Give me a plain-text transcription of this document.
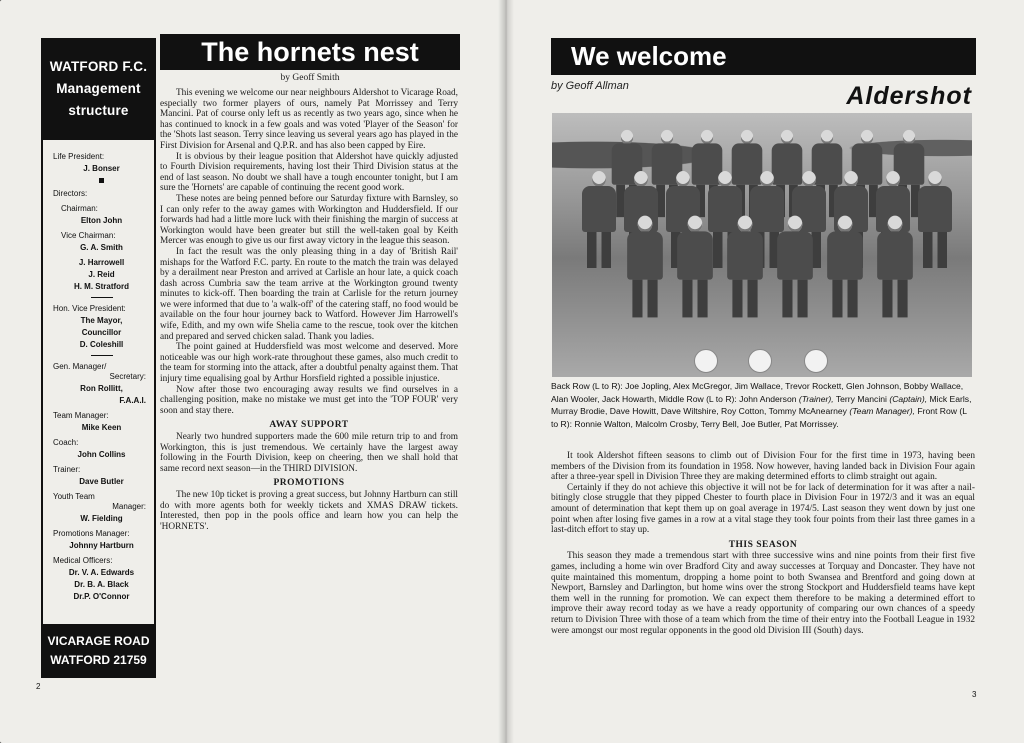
WATFORD F.C.
Management
structure
Life President:
J. Bonser
Directors:
Chairman:
Elton John
Vice Chairman:
G. A. Smith
J. Harrowell
J. Reid
H. M. Stratford
Hon. Vice President:
The Mayor,
Councillor
D. Coleshill
Gen. Manager/
Secretary:
Ron Rollitt,
F.A.A.I.
Team Manager:
Mike Keen
Coach:
John Collins
Trainer:
Dave Butler
Youth Team
Manager:
W. Fielding
Promotions Manager:
Johnny Hartburn
Medical Officers:
Dr. V. A. Edwards
Dr. B. A. Black
Dr.P. O'Connor
VICARAGE ROAD
WATFORD 21759
The hornets nest
by Geoff Smith

This evening we welcome our near neighbours Aldershot to Vicarage Road, especially two former players of ours, namely Pat Morrissey and Terry Mancini. Pat of course only left us as recently as two years ago, since when he has continued to knock in a few goals and was voted 'Player of the Season' for the 'Shots last season. Terry since leaving us several years ago has played in the First Division for Arsenal and Q.P.R. and has also been capped by Eire.

It is obvious by their league position that Aldershot have quickly adjusted to Fourth Division requirements, having lost their Third Division status at the end of last season. No doubt we shall have a tough encounter tonight, but I am sure the 'Hornets' are capable of continuing the recent good work.

These notes are being penned before our Saturday fixture with Barnsley, so I can only refer to the away games with Workington and Huddersfield. If our forwards had had a little more luck with their finishing the margin of success at Workington would have been greater but still the well-taken goal by Keith Mercer was enough to give us our first away victory in the league this season.

In fact the result was the only pleasing thing in a day of 'British Rail' mishaps for the Watford F.C. party. En route to the match the train was delayed by a derailment near Preston and arrived at Carlisle an hour late, a quick coach dash across Cumbria saw the team arrive at the Workington ground twenty minutes to kick-off. Then boarding the train at Carlisle for the return journey we were informed that due to 'a walk-off' of the catering staff, no food would be available on the four hour journey back to Watford. However Jim Harrowell's wife, Edith, and my own wife Shelia came to the rescue, took over the kitchen and prepared and served chicken salad. Thank you ladies.

The point gained at Huddersfield was most welcome and deserved. More noticeable was our high work-rate throughout these games, also much credit to the team for storming into the attack, after a doubtful penalty against them. That injury time equalising goal by Arthur Horsfield righted a possible injustice.

Now after those two encouraging away results we find ourselves in a challenging position, make no mistake we must get into the 'TOP FOUR' very soon and stay there.

AWAY SUPPORT

Nearly two hundred supporters made the 600 mile return trip to and from Workington, this is just tremendous. We certainly have the largest away following in the Fourth Division, keep on cheering, then we shall hold that same record next season—in the THIRD DIVISION.

PROMOTIONS

The new 10p ticket is proving a great success, but Johnny Hartburn can still do with more agents both for weekly tickets and XMAS DRAW tickets. Interested, then pop in the pools office and learn how you can help the 'HORNETS'.

2
We welcome
by Geoff Allman	Aldershot
Back Row (L to R): Joe Jopling, Alex McGregor, Jim Wallace, Trevor Rockett, Glen Johnson, Bobby Wallace, Alan Wooler, Jack Howarth, Middle Row (L to R): John Anderson (Trainer), Terry Mancini (Captain), Mick Earls, Murray Brodie, Dave Howitt, Dave Wiltshire, Roy Cotton, Tommy McAnearney (Team Manager), Front Row (L to R): Ronnie Walton, Malcolm Crosby, Terry Bell, Joe Butler, Pat Morrissey.

It took Aldershot fifteen seasons to climb out of Division Four for the first time in 1973, having been members of the Division from its foundation in 1958. Now however, having landed back in Division Four again after a three-year spell in Division Three they are making determined efforts to climb straight out again.

Certainly if they do not achieve this objective it will not be for lack of determination for it was after a nail-bitingly close struggle that they pipped Chester to fourth place in Division Four in 1972/3 and it was an equal amount of determination that kept them up on goal average in 1974/5. Last season they went down by just one point when after losing five games in a row at a vital stage they took four points from their last three games in a last-ditch effort to stay up.

THIS SEASON

This season they made a tremendous start with three successive wins and nine points from their first five games, including a home win over Bradford City and away successes at Torquay and Doncaster. They have not quite maintained this momentum, dropping a home point to both Swansea and Brentford and going down at Newport, Barnsley and Darlington, but home wins over the strong Stockport and Huddersfield teams have kept them well in the running for promotion. We can expect them therefore to be making a determined effort to improve their away record today as we have a ready opportunity of comparing our own chances of a speedy return to Division Three with those of a team which from the time of their entry into the Football League in 1932 were amongst our most regular opponents in the good old Division III (South) days.

3
